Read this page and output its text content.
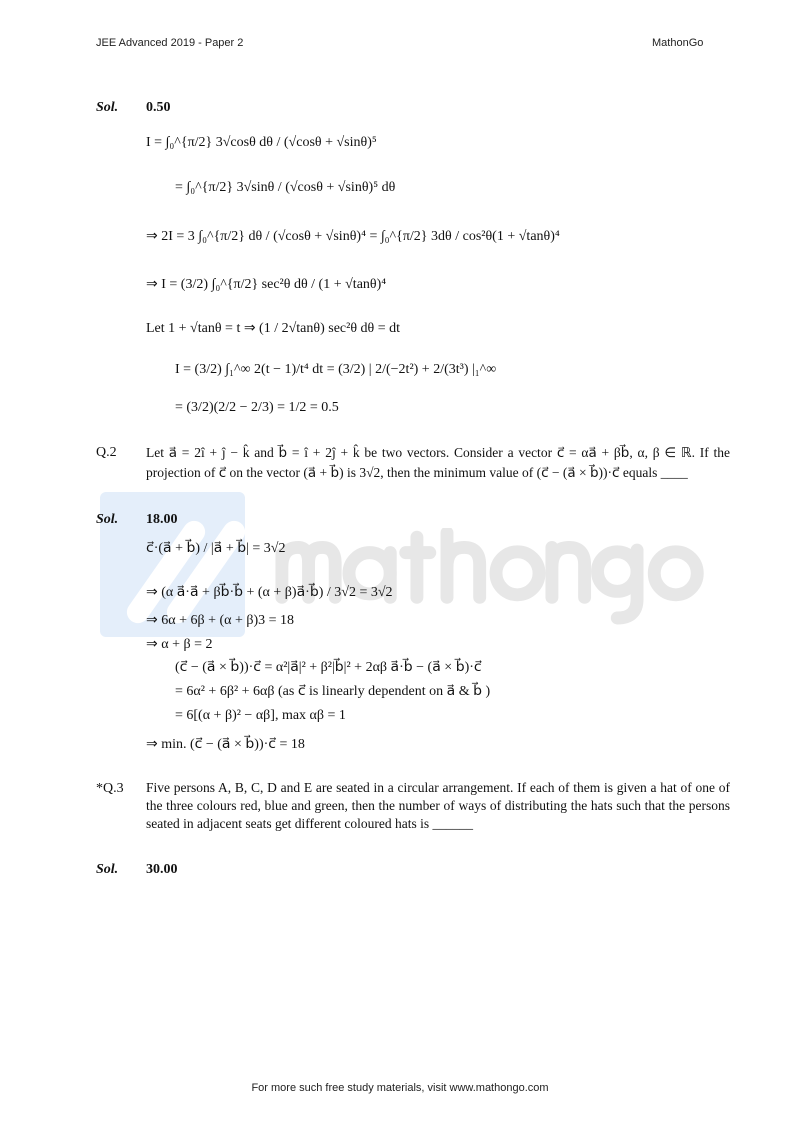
JEE Advanced 2019 - Paper 2	MathonGo
Sol. 0.50
I = ∫₀^{π/2} 3√cosθ dθ / (√cosθ + √sinθ)⁵
= ∫₀^{π/2} 3√sinθ / (√cosθ + √sinθ)⁵ dθ
⇒ 2I = 3 ∫₀^{π/2} dθ / (√cosθ + √sinθ)⁴ = ∫₀^{π/2} 3dθ / cos²θ(1 + √tanθ)⁴
⇒ I = (3/2) ∫₀^{π/2} sec²θ dθ / (1 + √tanθ)⁴
Let 1 + √tanθ = t ⇒ (1 / 2√tanθ) sec²θ dθ = dt
I = (3/2) ∫₁^∞ 2(t − 1)/t⁴ dt = (3/2) | 2/(−2t²) + 2/(3t³) |₁^∞
= (3/2)(2/2 − 2/3) = 1/2 = 0.5
Q.2 Let a⃗ = 2î + ĵ − k̂ and b⃗ = î + 2ĵ + k̂ be two vectors. Consider a vector c⃗ = αa⃗ + βb⃗, α, β ∈ ℝ. If the projection of c⃗ on the vector (a⃗ + b⃗) is 3√2, then the minimum value of (c⃗ − (a⃗ × b⃗))·c⃗ equals ____
Sol. 18.00
c⃗·(a⃗ + b⃗) / |a⃗ + b⃗| = 3√2
⇒ (α a⃗·a⃗ + βb⃗·b⃗ + (α + β)a⃗·b⃗) / 3√2 = 3√2
⇒ 6α + 6β + (α + β)3 = 18
⇒ α + β = 2
(c⃗ − (a⃗ × b⃗))·c⃗ = α²|a⃗|² + β²|b⃗|² + 2αβ a⃗·b⃗ − (a⃗ × b⃗)·c⃗
= 6α² + 6β² + 6αβ (as c⃗ is linearly dependent on a⃗ & b⃗ )
= 6[(α + β)² − αβ], max αβ = 1
⇒ min. (c⃗ − (a⃗ × b⃗))·c⃗ = 18
*Q.3 Five persons A, B, C, D and E are seated in a circular arrangement. If each of them is given a hat of one of the three colours red, blue and green, then the number of ways of distributing the hats such that the persons seated in adjacent seats get different coloured hats is ______
Sol. 30.00
For more such free study materials, visit www.mathongo.com
